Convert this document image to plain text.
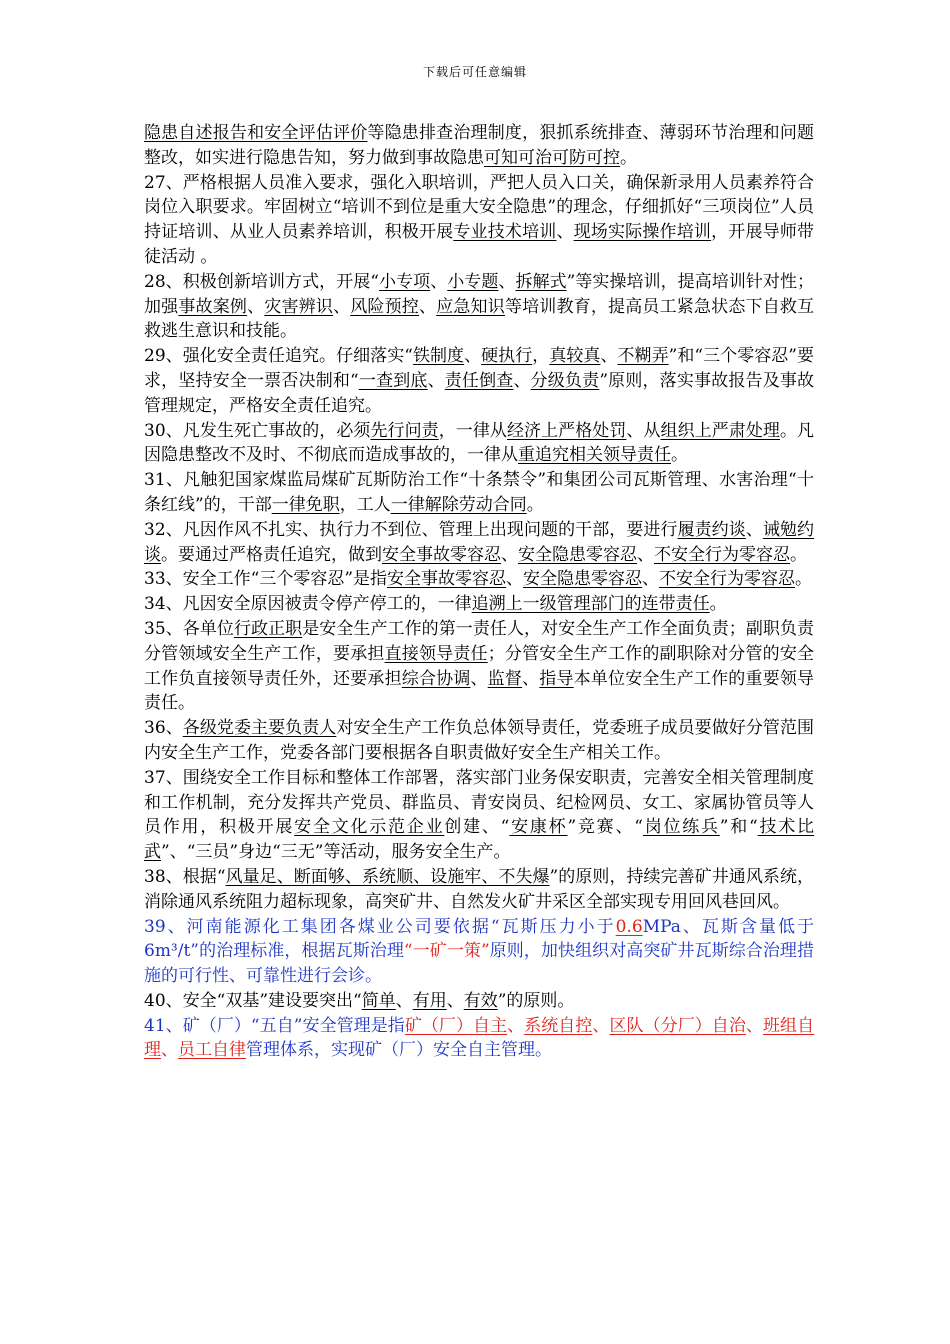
下载后可任意编辑

隐患自述报告和安全评估评价等隐患排查治理制度，狠抓系统排查、薄弱环节治理和问题整改，如实进行隐患告知，努力做到事故隐患可知可治可防可控。

27、严格根据人员准入要求，强化入职培训，严把人员入口关，确保新录用人员素养符合岗位入职要求。牢固树立“培训不到位是重大安全隐患”的理念，仔细抓好“三项岗位”人员持证培训、从业人员素养培训，积极开展专业技术培训、现场实际操作培训，开展导师带徒活动 。

28、积极创新培训方式，开展“小专项、小专题、拆解式”等实操培训，提高培训针对性；加强事故案例、灾害辨识、风险预控、应急知识等培训教育，提高员工紧急状态下自救互救逃生意识和技能。

29、强化安全责任追究。仔细落实“铁制度、硬执行，真较真、不糊弄”和“三个零容忍”要求，坚持安全一票否决制和“一查到底、责任倒查、分级负责”原则，落实事故报告及事故管理规定，严格安全责任追究。

30、凡发生死亡事故的，必须先行问责，一律从经济上严格处罚、从组织上严肃处理。凡因隐患整改不及时、不彻底而造成事故的，一律从重追究相关领导责任。

31、凡触犯国家煤监局煤矿瓦斯防治工作“十条禁令”和集团公司瓦斯管理、水害治理“十条红线”的，干部一律免职，工人一律解除劳动合同。

32、凡因作风不扎实、执行力不到位、管理上出现问题的干部，要进行履责约谈、诫勉约谈。要通过严格责任追究，做到安全事故零容忍、安全隐患零容忍、不安全行为零容忍。

33、安全工作“三个零容忍”是指安全事故零容忍、安全隐患零容忍、不安全行为零容忍。

34、凡因安全原因被责令停产停工的，一律追溯上一级管理部门的连带责任。

35、各单位行政正职是安全生产工作的第一责任人，对安全生产工作全面负责；副职负责分管领域安全生产工作，要承担直接领导责任；分管安全生产工作的副职除对分管的安全工作负直接领导责任外，还要承担综合协调、监督、指导本单位安全生产工作的重要领导责任。

36、各级党委主要负责人对安全生产工作负总体领导责任，党委班子成员要做好分管范围内安全生产工作，党委各部门要根据各自职责做好安全生产相关工作。

37、围绕安全工作目标和整体工作部署，落实部门业务保安职责，完善安全相关管理制度和工作机制，充分发挥共产党员、群监员、青安岗员、纪检网员、女工、家属协管员等人员作用，积极开展安全文化示范企业创建、“安康杯”竞赛、“岗位练兵”和“技术比武”、“三员”身边“三无”等活动，服务安全生产。

38、根据“风量足、断面够、系统顺、设施牢、不失爆”的原则，持续完善矿井通风系统，消除通风系统阻力超标现象，高突矿井、自然发火矿井采区全部实现专用回风巷回风。

39、河南能源化工集团各煤业公司要依据“瓦斯压力小于0.6MPa、瓦斯含量低于6m³/t”的治理标准，根据瓦斯治理“一矿一策”原则，加快组织对高突矿井瓦斯综合治理措施的可行性、可靠性进行会诊。

40、安全“双基”建设要突出“简单、有用、有效”的原则。

41、矿（厂）“五自”安全管理是指矿（厂）自主、系统自控、区队（分厂）自治、班组自理、员工自律管理体系，实现矿（厂）安全自主管理。
